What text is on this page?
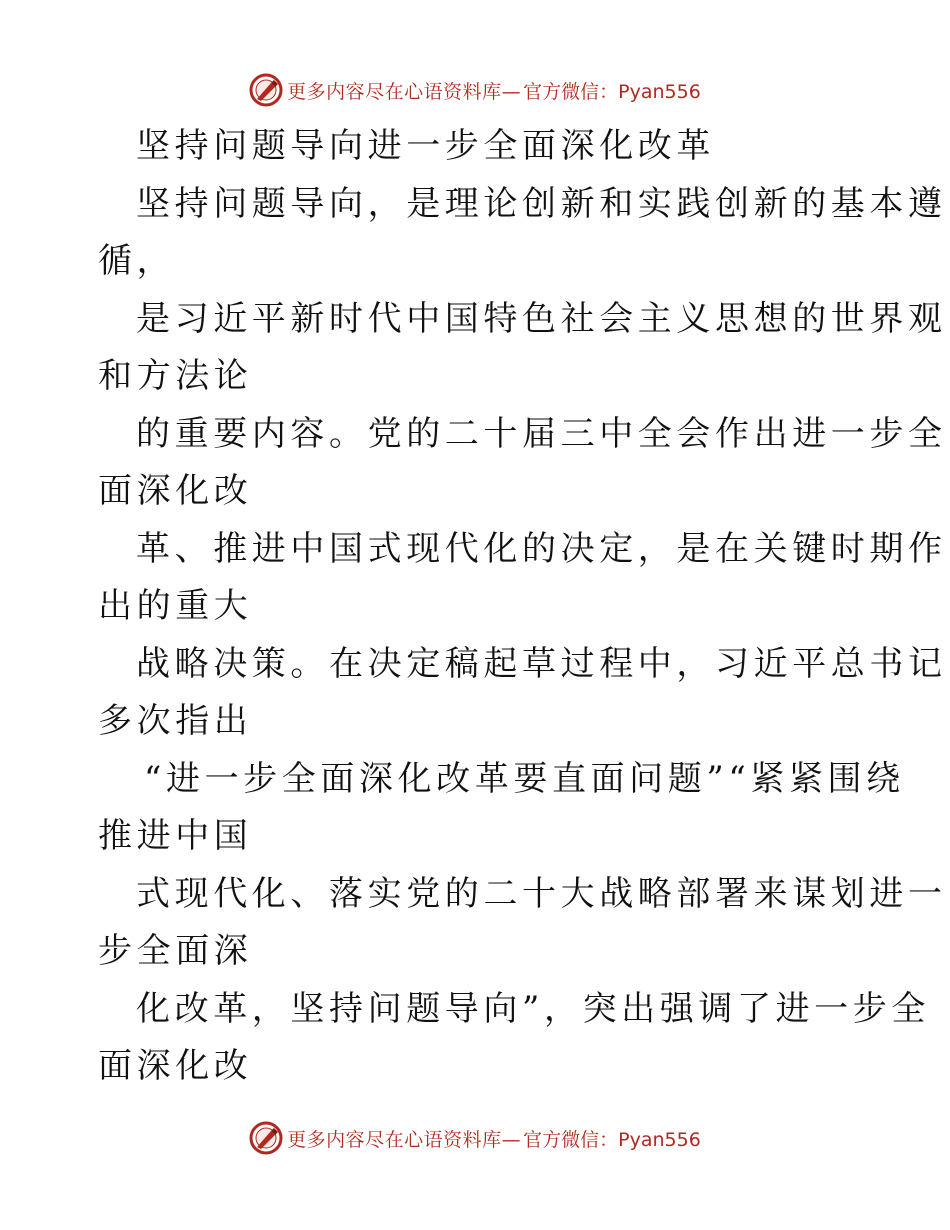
更多内容尽在心语资料库— 官方微信：Pyan556
坚持问题导向进一步全面深化改革
坚持问题导向，是理论创新和实践创新的基本遵
循，
是习近平新时代中国特色社会主义思想的世界观
和方法论
的重要内容。党的二十届三中全会作出进一步全
面深化改
革、推进中国式现代化的决定，是在关键时期作
出的重大
战略决策。在决定稿起草过程中，习近平总书记
多次指出
“进一步全面深化改革要直面问题”“紧紧围绕
推进中国
式现代化、落实党的二十大战略部署来谋划进一
步全面深
化改革，坚持问题导向”，突出强调了进一步全
面深化改
更多内容尽在心语资料库— 官方微信：Pyan556
